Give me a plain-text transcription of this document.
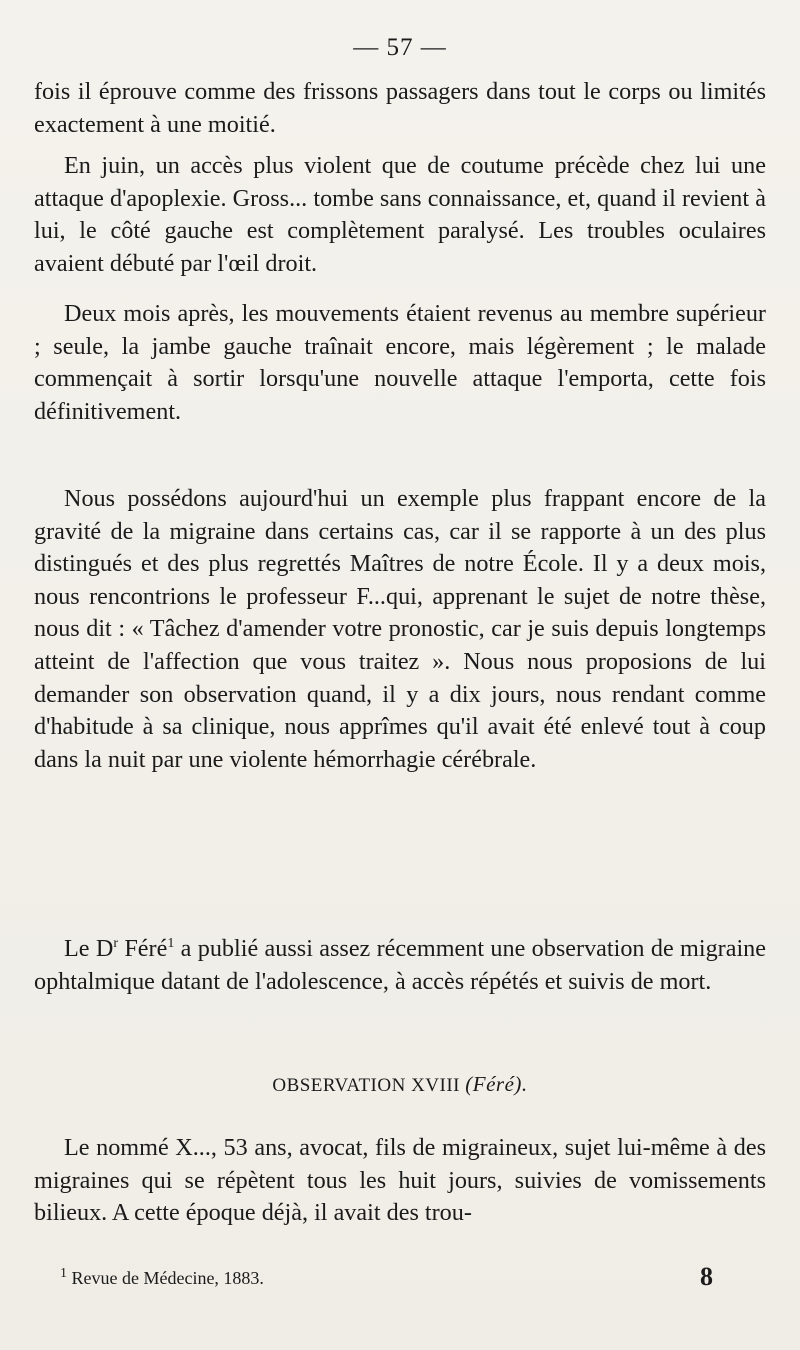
— 57 —

fois il éprouve comme des frissons passagers dans tout le corps ou limités exactement à une moitié.

En juin, un accès plus violent que de coutume précède chez lui une attaque d'apoplexie. Gross... tombe sans connaissance, et, quand il revient à lui, le côté gauche est complètement paralysé. Les troubles oculaires avaient débuté par l'œil droit.

Deux mois après, les mouvements étaient revenus au membre supérieur ; seule, la jambe gauche traînait encore, mais légèrement ; le malade commençait à sortir lorsqu'une nouvelle attaque l'emporta, cette fois définitivement.

Nous possédons aujourd'hui un exemple plus frappant encore de la gravité de la migraine dans certains cas, car il se rapporte à un des plus distingués et des plus regrettés Maîtres de notre École. Il y a deux mois, nous rencontrions le professeur F...qui, apprenant le sujet de notre thèse, nous dit : « Tâchez d'amender votre pronostic, car je suis depuis longtemps atteint de l'affection que vous traitez ». Nous nous proposions de lui demander son observation quand, il y a dix jours, nous rendant comme d'habitude à sa clinique, nous apprîmes qu'il avait été enlevé tout à coup dans la nuit par une violente hémorrhagie cérébrale.

Le $D^r$ Féré$^1$ a publié aussi assez récemment une observation de migraine ophtalmique datant de l'adolescence, à accès répétés et suivis de mort.

OBSERVATION XVIII (Féré).

Le nommé X..., 53 ans, avocat, fils de migraineux, sujet lui-même à des migraines qui se répètent tous les huit jours, suivies de vomissements bilieux. A cette époque déjà, il avait des trou-

$^1$ Revue de Médecine, 1883.	8
